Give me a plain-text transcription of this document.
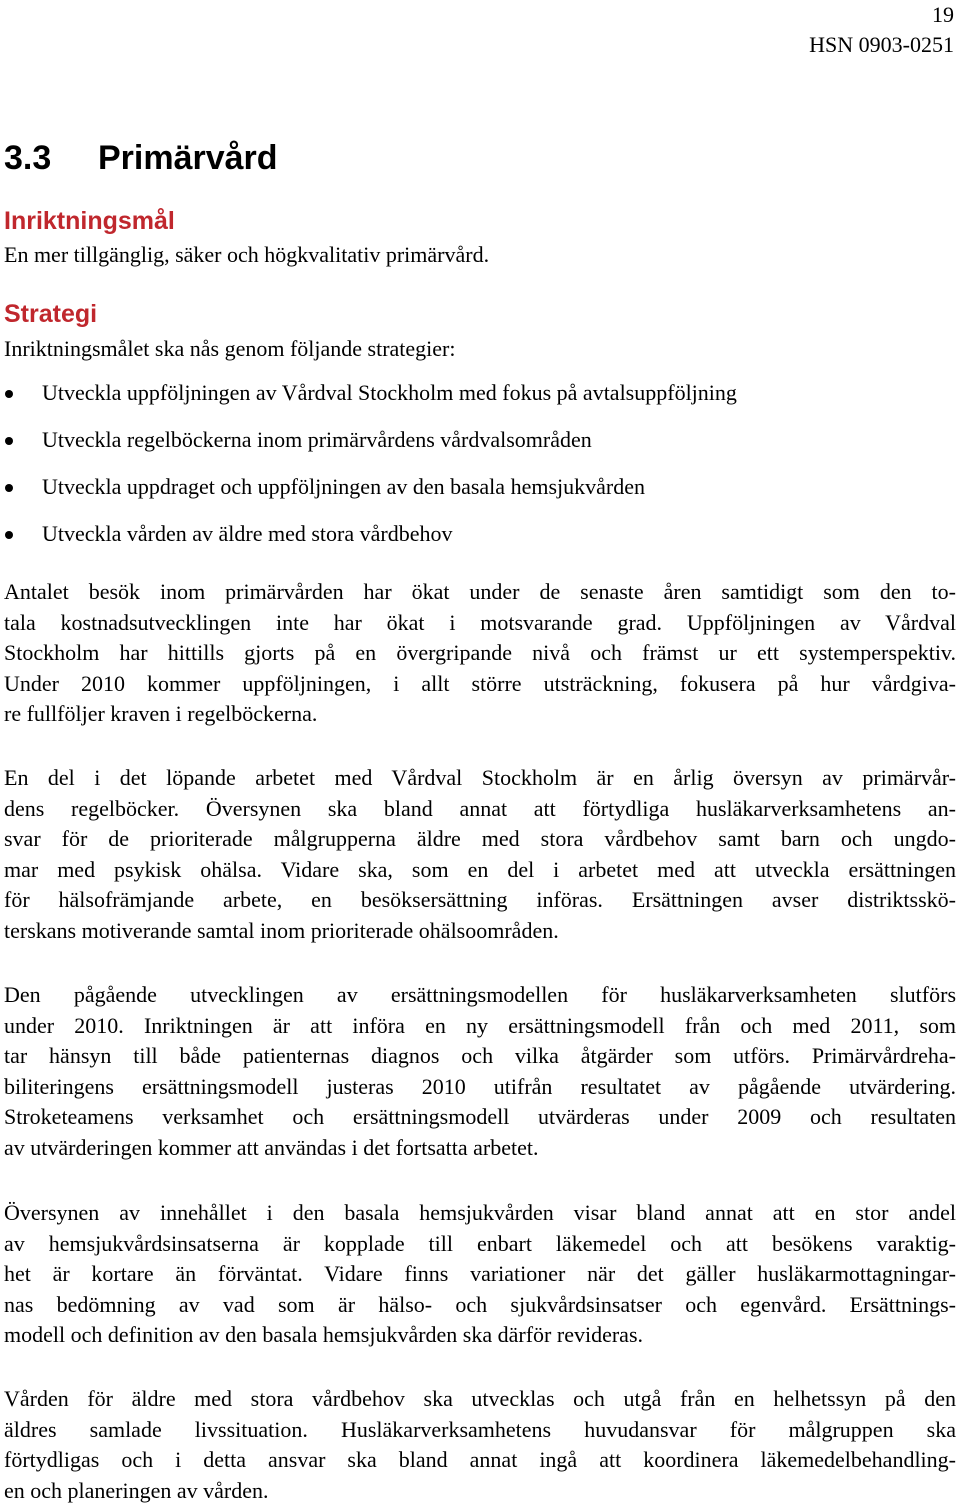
19
HSN 0903-0251
3.3 Primärvård
Inriktningsmål

En mer tillgänglig, säker och högkvalitativ primärvård.

Strategi

Inriktningsmålet ska nås genom följande strategier:

Utveckla uppföljningen av Vårdval Stockholm med fokus på avtalsuppföljning
Utveckla regelböckerna inom primärvårdens vårdvalsområden
Utveckla uppdraget och uppföljningen av den basala hemsjukvården
Utveckla vården av äldre med stora vårdbehov
Antalet besök inom primärvården har ökat under de senaste åren samtidigt som den to-
tala kostnadsutvecklingen inte har ökat i motsvarande grad. Uppföljningen av Vårdval
Stockholm har hittills gjorts på en övergripande nivå och främst ur ett systemperspektiv.
Under 2010 kommer uppföljningen, i allt större utsträckning, fokusera på hur vårdgiva-
re fullföljer kraven i regelböckerna.
En del i det löpande arbetet med Vårdval Stockholm är en årlig översyn av primärvår-
dens regelböcker. Översynen ska bland annat att förtydliga husläkarverksamhetens an-
svar för de prioriterade målgrupperna äldre med stora vårdbehov samt barn och ungdo-
mar med psykisk ohälsa. Vidare ska, som en del i arbetet med att utveckla ersättningen
för hälsofrämjande arbete, en besöksersättning införas. Ersättningen avser distriktsskö-
terskans motiverande samtal inom prioriterade ohälsoområden.
Den pågående utvecklingen av ersättningsmodellen för husläkarverksamheten slutförs
under 2010. Inriktningen är att införa en ny ersättningsmodell från och med 2011, som
tar hänsyn till både patienternas diagnos och vilka åtgärder som utförs. Primärvårdreha-
biliteringens ersättningsmodell justeras 2010 utifrån resultatet av pågående utvärdering.
Stroketeamens verksamhet och ersättningsmodell utvärderas under 2009 och resultaten
av utvärderingen kommer att användas i det fortsatta arbetet.
Översynen av innehållet i den basala hemsjukvården visar bland annat att en stor andel
av hemsjukvårdsinsatserna är kopplade till enbart läkemedel och att besökens varaktig-
het är kortare än förväntat. Vidare finns variationer när det gäller husläkarmottagningar-
nas bedömning av vad som är hälso- och sjukvårdsinsatser och egenvård. Ersättnings-
modell och definition av den basala hemsjukvården ska därför revideras.
Vården för äldre med stora vårdbehov ska utvecklas och utgå från en helhetssyn på den
äldres samlade livssituation. Husläkarverksamhetens huvudansvar för målgruppen ska
förtydligas och i detta ansvar ska bland annat ingå att koordinera läkemedelbehandling-
en och planeringen av vården.
